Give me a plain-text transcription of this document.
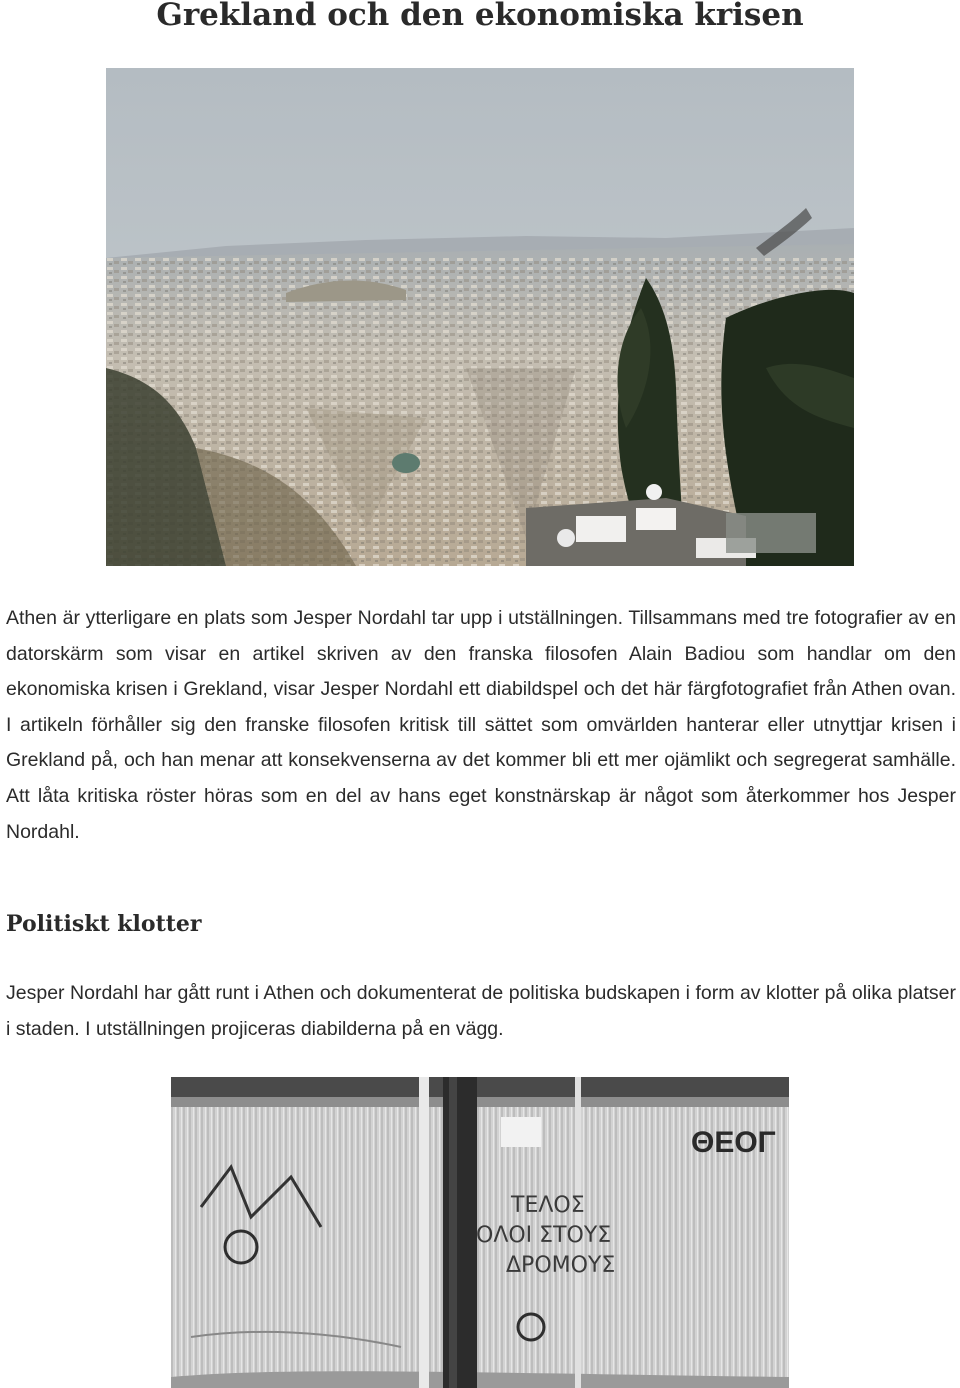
Grekland och den ekonomiska krisen

Athen är ytterligare en plats som Jesper Nordahl tar upp i utställningen. Tillsammans med tre fotografier av en datorskärm som visar en artikel skriven av den franska filosofen Alain Badiou som handlar om den ekonomiska krisen i Grekland, visar Jesper Nordahl ett diabildspel och det här färgfotografiet från Athen ovan. I artikeln förhåller sig den franske filosofen kritisk till sättet som omvärlden hanterar eller utnyttjar krisen i Grekland på, och han menar att konsekvenserna av det kommer bli ett mer ojämlikt och segregerat samhälle. Att låta kritiska röster höras som en del av hans eget konstnärskap är något som återkommer hos Jesper Nordahl.

Politiskt klotter

Jesper Nordahl har gått runt i Athen och dokumenterat de politiska budskapen i form av klotter på olika platser i staden. I utställningen projiceras diabilderna på en vägg.

ΘΕΟΓ
ΤΕΛΟΣ
ΟΛΟΙ ΣΤΟΥΣ
ΔΡΟΜΟΥΣ
